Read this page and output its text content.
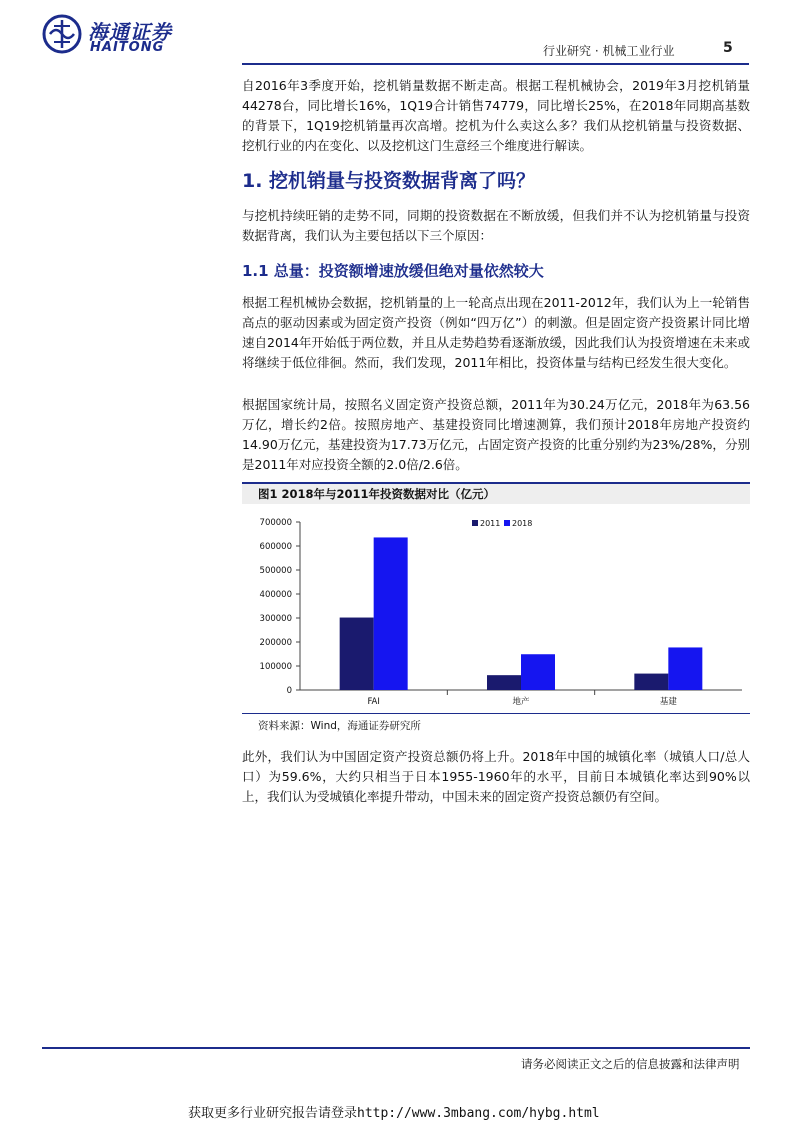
海通证券
HAITONG	行业研究 · 机械工业行业	5

自2016年3季度开始，挖机销量数据不断走高。根据工程机械协会，2019年3月挖机销量44278台，同比增长16%，1Q19合计销售74779，同比增长25%，在2018年同期高基数的背景下，1Q19挖机销量再次高增。挖机为什么卖这么多？我们从挖机销量与投资数据、挖机行业的内在变化、以及挖机这门生意经三个维度进行解读。

1. 挖机销量与投资数据背离了吗？

与挖机持续旺销的走势不同，同期的投资数据在不断放缓，但我们并不认为挖机销量与投资数据背离，我们认为主要包括以下三个原因：

1.1 总量：投资额增速放缓但绝对量依然较大

根据工程机械协会数据，挖机销量的上一轮高点出现在2011-2012年，我们认为上一轮销售高点的驱动因素或为固定资产投资（例如“四万亿”）的刺激。但是固定资产投资累计同比增速自2014年开始低于两位数，并且从走势趋势看逐渐放缓，因此我们认为投资增速在未来或将继续于低位徘徊。然而，我们发现，2011年相比，投资体量与结构已经发生很大变化。

根据国家统计局，按照名义固定资产投资总额，2011年为30.24万亿元，2018年为63.56万亿，增长约2倍。按照房地产、基建投资同比增速测算，我们预计2018年房地产投资约14.90万亿元，基建投资为17.73万亿元，占固定资产投资的比重分别约为23%/28%，分别是2011年对应投资全额的2.0倍/2.6倍。

图1 2018年与2011年投资数据对比（亿元）
0
100000
200000
300000
400000
500000
600000
700000
FAI	地产	基建
2011 2018
资料来源：Wind，海通证券研究所

此外，我们认为中国固定资产投资总额仍将上升。2018年中国的城镇化率（城镇人口/总人口）为59.6%，大约只相当于日本1955-1960年的水平，目前日本城镇化率达到90%以上，我们认为受城镇化率提升带动，中国未来的固定资产投资总额仍有空间。

请务必阅读正文之后的信息披露和法律声明
获取更多行业研究报告请登录http://www.3mbang.com/hybg.html
